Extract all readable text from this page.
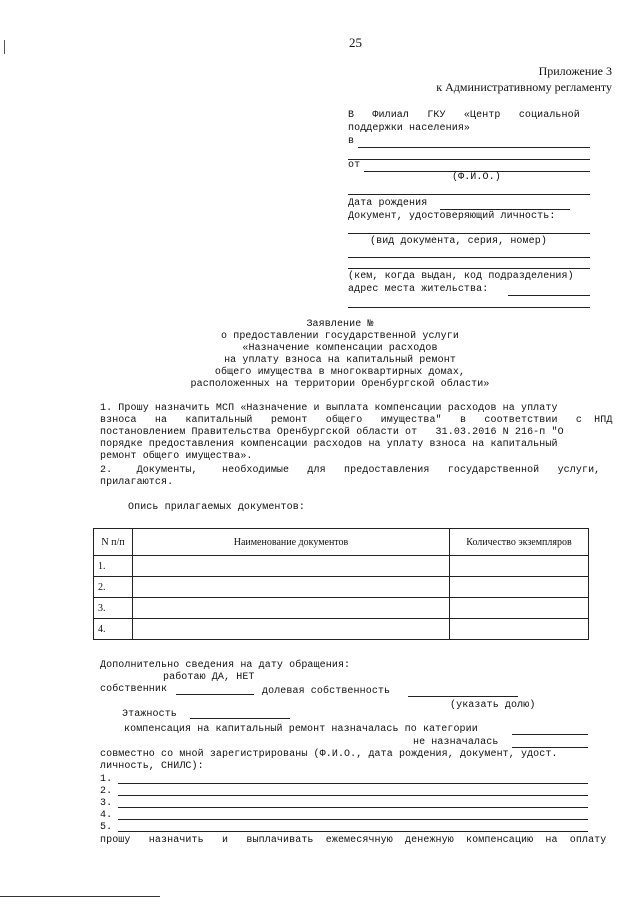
25
Приложение 3
к Административному регламенту
В   Филиал   ГКУ   «Центр   социальной
поддержки населения»
в
от
(Ф.И.О.)
Дата рождения
Документ, удостоверяющий личность:
(вид документа, серия, номер)
(кем, когда выдан, код подразделения)
адрес места жительства:
Заявление №
о предоставлении государственной услуги
«Назначение компенсации расходов
на уплату взноса на капитальный ремонт
общего имущества в многоквартирных домах,
расположенных на территории Оренбургской области»
1. Прошу назначить МСП «Назначение и выплата компенсации расходов на уплату
взноса   на   капитальный   ремонт   общего   имущества"   в   соответствии   с  НПД
постановлением Правительства Оренбургской области от   31.03.2016 N 216-п "О
порядке предоставления компенсации расходов на уплату взноса на капитальный
ремонт общего имущества».
2.    Документы,    необходимые   для   предоставления   государственной   услуги,
прилагаются.
Опись прилагаемых документов:
N п/п	Наименование документов	Количество экземпляров
1.		
2.		
3.		
4.		
Дополнительно сведения на дату обращения:
работаю ДА, НЕТ
собственник	долевая собственность
(указать долю)
Этажность
компенсация на капитальный ремонт назначалась по категории
не назначалась
совместно со мной зарегистрированы (Ф.И.О., дата рождения, документ, удост.
личность, СНИЛС):
1.
2.
3.
4.
5.
прошу   назначить   и   выплачивать  ежемесячную  денежную  компенсацию  на  оплату
